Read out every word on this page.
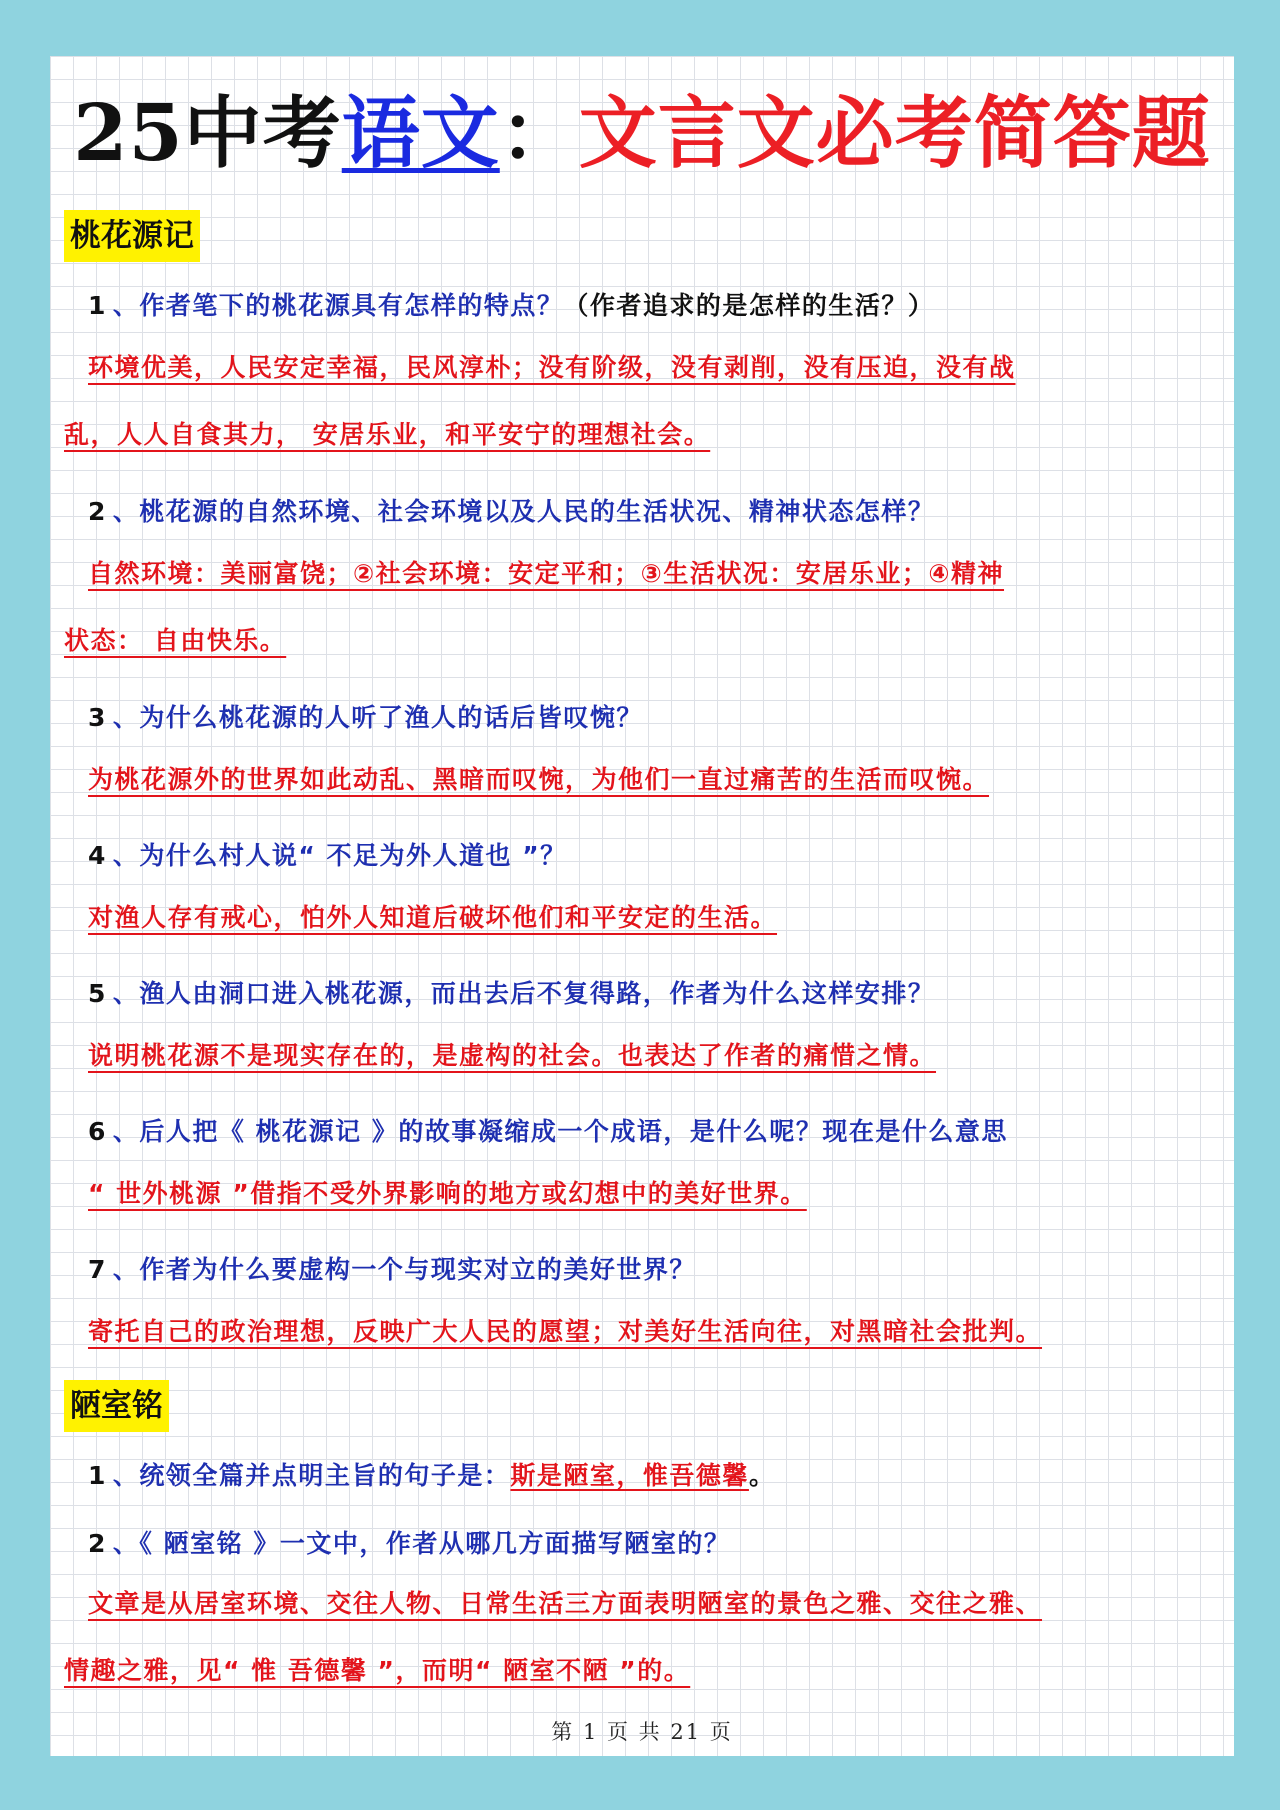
25中考语文：文言文必考简答题
桃花源记
1 、作者笔下的桃花源具有怎样的特点？（作者追求的是怎样的生活？）
环境优美，人民安定幸福，民风淳朴；没有阶级，没有剥削，没有压迫，没有战
乱，人人自食其力， 安居乐业，和平安宁的理想社会。
2 、桃花源的自然环境、社会环境以及人民的生活状况、精神状态怎样？
自然环境：美丽富饶；②社会环境：安定平和；③生活状况：安居乐业；④精神
状态： 自由快乐。
3 、为什么桃花源的人听了渔人的话后皆叹惋？
为桃花源外的世界如此动乱、黑暗而叹惋，为他们一直过痛苦的生活而叹惋。
4 、为什么村人说“ 不足为外人道也 ”？
对渔人存有戒心，怕外人知道后破坏他们和平安定的生活。
5 、渔人由洞口进入桃花源，而出去后不复得路，作者为什么这样安排？
说明桃花源不是现实存在的，是虚构的社会。也表达了作者的痛惜之情。
6 、后人把《 桃花源记 》的故事凝缩成一个成语，是什么呢？现在是什么意思
“ 世外桃源 ”借指不受外界影响的地方或幻想中的美好世界。
7 、作者为什么要虚构一个与现实对立的美好世界？
寄托自己的政治理想，反映广大人民的愿望；对美好生活向往，对黑暗社会批判。
陋室铭
1 、统领全篇并点明主旨的句子是：斯是陋室，惟吾德馨。
2 、《 陋室铭 》一文中，作者从哪几方面描写陋室的？
文章是从居室环境、交往人物、日常生活三方面表明陋室的景色之雅、交往之雅、
情趣之雅，见“ 惟 吾德馨 ”，而明“ 陋室不陋 ”的。
第 1 页 共 21 页
